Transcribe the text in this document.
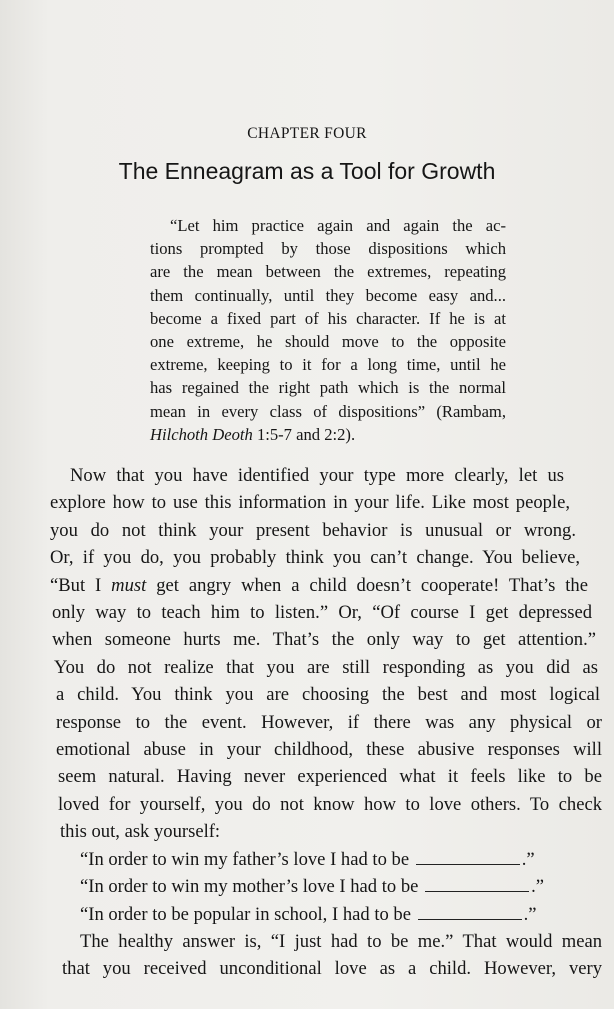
CHAPTER FOUR
The Enneagram as a Tool for Growth
“Let him practice again and again the ac-
tions prompted by those dispositions which
are the mean between the extremes, repeating
them continually, until they become easy and...
become a fixed part of his character. If he is at
one extreme, he should move to the opposite
extreme, keeping to it for a long time, until he
has regained the right path which is the normal
mean in every class of dispositions” (Rambam,
Hilchoth Deoth 1:5-7 and 2:2).
Now that you have identified your type more clearly, let us
explore how to use this information in your life. Like most people,
you do not think your present behavior is unusual or wrong.
Or, if you do, you probably think you can’t change. You believe,
“But I must get angry when a child doesn’t cooperate! That’s the
only way to teach him to listen.” Or, “Of course I get depressed
when someone hurts me. That’s the only way to get attention.”
You do not realize that you are still responding as you did as
a child. You think you are choosing the best and most logical
response to the event. However, if there was any physical or
emotional abuse in your childhood, these abusive responses will
seem natural. Having never experienced what it feels like to be
loved for yourself, you do not know how to love others. To check
this out, ask yourself:
“In order to win my father’s love I had to be	.”
“In order to win my mother’s love I had to be	.”
“In order to be popular in school, I had to be	.”
The healthy answer is, “I just had to be me.” That would mean
that you received unconditional love as a child. However, very
